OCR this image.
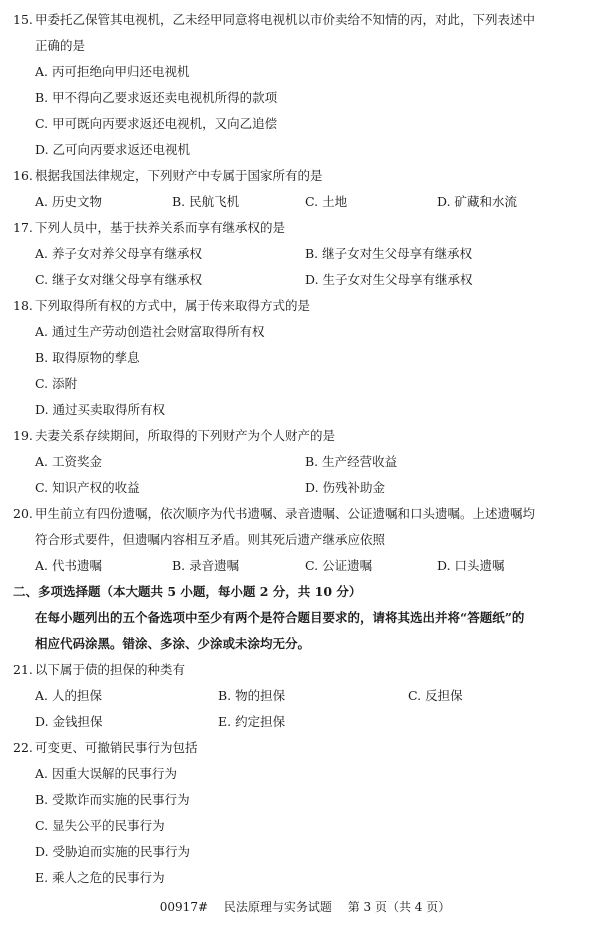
15. 甲委托乙保管其电视机，乙未经甲同意将电视机以市价卖给不知情的丙，对此，下列表述中
正确的是
A. 丙可拒绝向甲归还电视机
B. 甲不得向乙要求返还卖电视机所得的款项
C. 甲可既向丙要求返还电视机，又向乙追偿
D. 乙可向丙要求返还电视机
16. 根据我国法律规定，下列财产中专属于国家所有的是
A. 历史文物	B. 民航飞机	C. 土地	D. 矿藏和水流
17. 下列人员中，基于扶养关系而享有继承权的是
A. 养子女对养父母享有继承权	B. 继子女对生父母享有继承权
C. 继子女对继父母享有继承权	D. 生子女对生父母享有继承权
18. 下列取得所有权的方式中，属于传来取得方式的是
A. 通过生产劳动创造社会财富取得所有权
B. 取得原物的孳息
C. 添附
D. 通过买卖取得所有权
19. 夫妻关系存续期间，所取得的下列财产为个人财产的是
A. 工资奖金	B. 生产经营收益
C. 知识产权的收益	D. 伤残补助金
20. 甲生前立有四份遗嘱，依次顺序为代书遗嘱、录音遗嘱、公证遗嘱和口头遗嘱。上述遗嘱均
符合形式要件，但遗嘱内容相互矛盾。则其死后遗产继承应依照
A. 代书遗嘱	B. 录音遗嘱	C. 公证遗嘱	D. 口头遗嘱
二、多项选择题（本大题共 5 小题，每小题 2 分，共 10 分）
在每小题列出的五个备选项中至少有两个是符合题目要求的，请将其选出并将“答题纸”的
相应代码涂黑。错涂、多涂、少涂或未涂均无分。
21. 以下属于债的担保的种类有
A. 人的担保	B. 物的担保	C. 反担保
D. 金钱担保	E. 约定担保
22. 可变更、可撤销民事行为包括
A. 因重大误解的民事行为
B. 受欺诈而实施的民事行为
C. 显失公平的民事行为
D. 受胁迫而实施的民事行为
E. 乘人之危的民事行为
00917# 民法原理与实务试题 第 3 页（共 4 页）
